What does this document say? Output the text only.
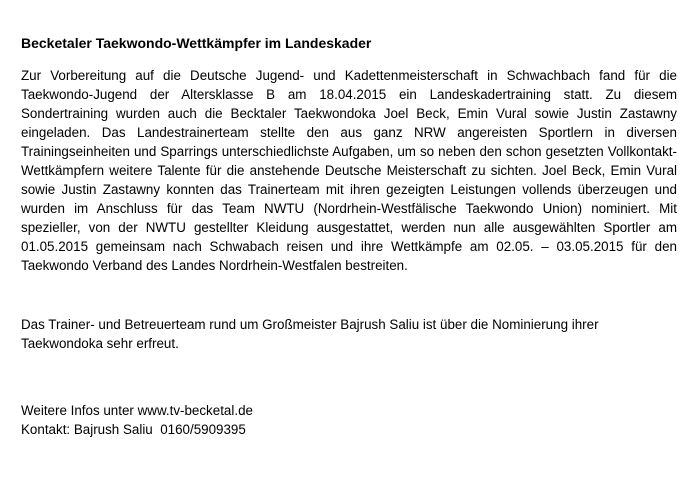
Becketaler Taekwondo-Wettkämpfer im Landeskader

Zur Vorbereitung auf die Deutsche Jugend- und Kadettenmeisterschaft in Schwachbach fand für die Taekwondo-Jugend der Altersklasse B am 18.04.2015 ein Landeskadertraining statt. Zu diesem Sondertraining wurden auch die Becktaler Taekwondoka Joel Beck, Emin Vural sowie Justin Zastawny eingeladen. Das Landestrainerteam stellte den aus ganz NRW angereisten Sportlern in diversen Trainingseinheiten und Sparrings unterschiedlichste Aufgaben, um so neben den schon gesetzten Vollkontakt-Wettkämpfern weitere Talente für die anstehende Deutsche Meisterschaft zu sichten. Joel Beck, Emin Vural sowie Justin Zastawny konnten das Trainerteam mit ihren gezeigten Leistungen vollends überzeugen und wurden im Anschluss für das Team NWTU (Nordrhein-Westfälische Taekwondo Union) nominiert. Mit spezieller, von der NWTU gestellter Kleidung ausgestattet, werden nun alle ausgewählten Sportler am 01.05.2015 gemeinsam nach Schwabach reisen und ihre Wettkämpfe am 02.05. – 03.05.2015 für den Taekwondo Verband des Landes Nordrhein-Westfalen bestreiten.

Das Trainer- und Betreuerteam rund um Großmeister Bajrush Saliu ist über die Nominierung ihrer Taekwondoka sehr erfreut.

Weitere Infos unter www.tv-becketal.de
Kontakt: Bajrush Saliu  0160/5909395
